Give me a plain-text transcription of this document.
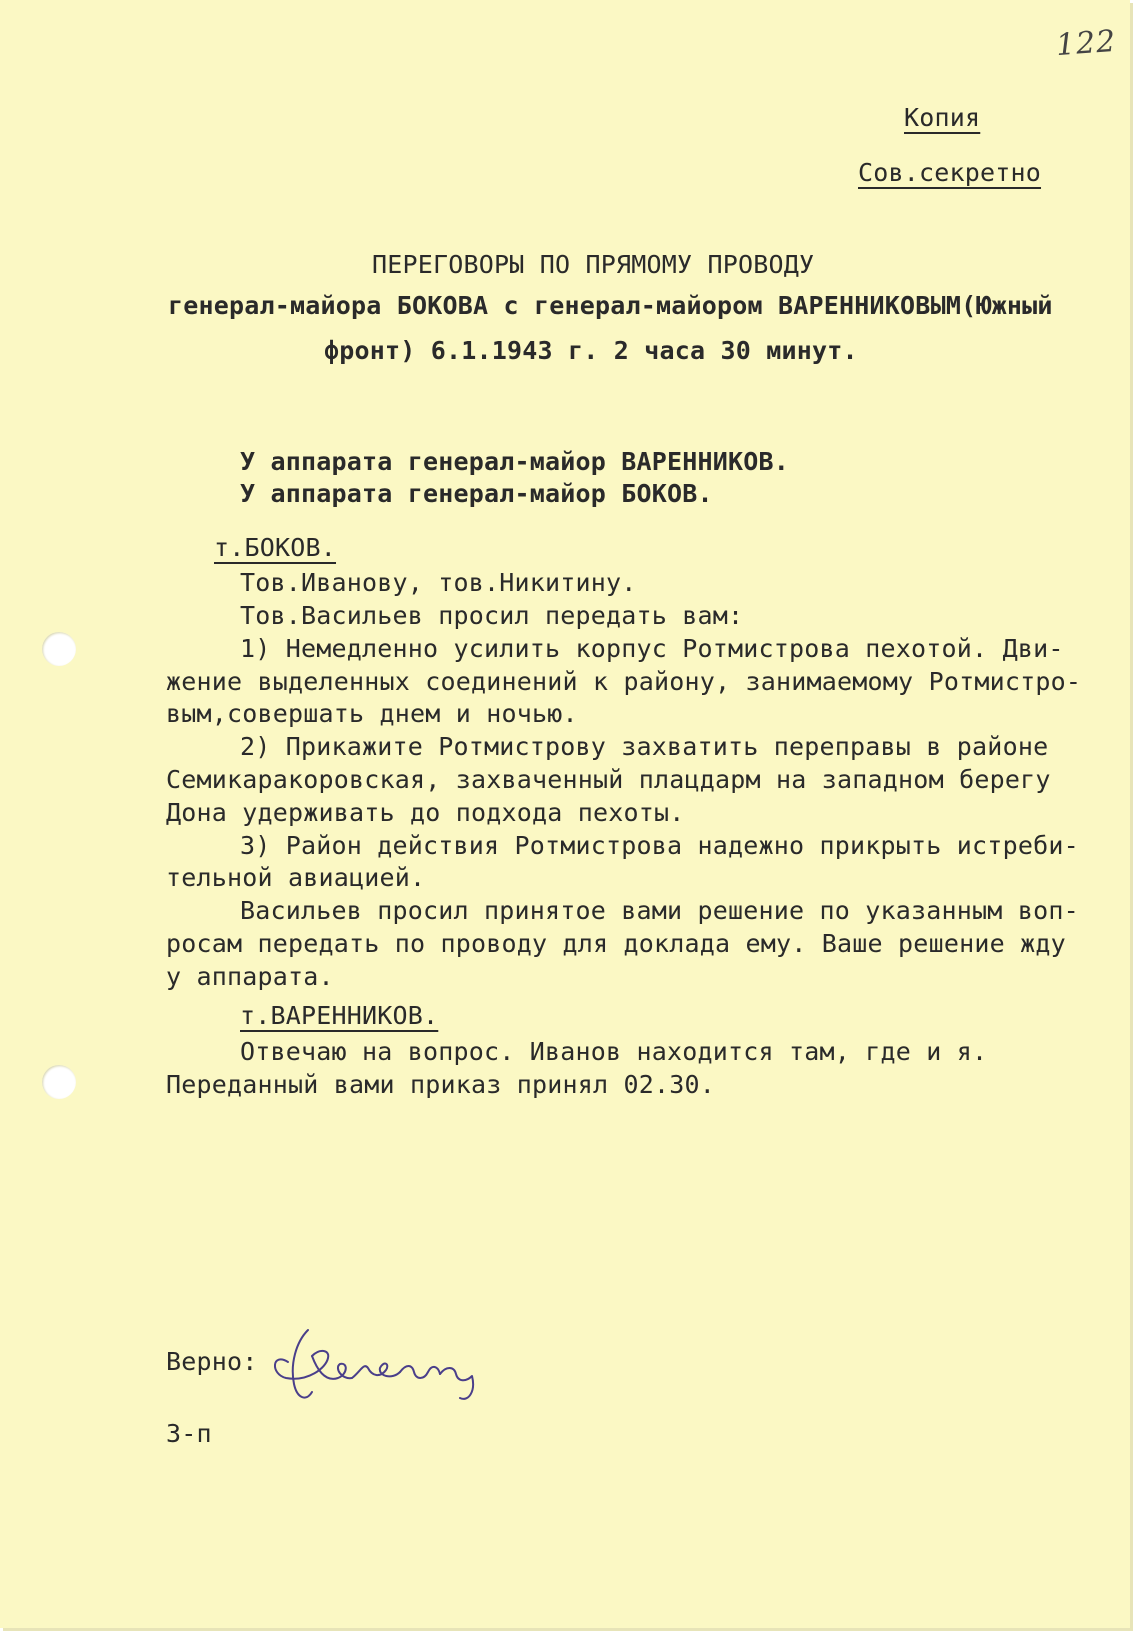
122
Копия
Сов.секретно
ПЕРЕГОВОРЫ ПО ПРЯМОМУ ПРОВОДУ
генерал-майора БОКОВА с генерал-майором ВАРЕННИКОВЫМ(Южный
фронт) 6.1.1943 г. 2 часа 30 минут.
У аппарата генерал-майор ВАРЕННИКОВ.
У аппарата генерал-майор БОКОВ.
т.БОКОВ.
Тов.Иванову, тов.Никитину.
Тов.Васильев просил передать вам:
1) Немедленно усилить корпус Ротмистрова пехотой. Дви-
жение выделенных соединений к району, занимаемому Ротмистро-
вым,совершать днем и ночью.
2) Прикажите Ротмистрову захватить переправы в районе
Семикаракоровская, захваченный плацдарм на западном берегу
Дона удерживать до подхода пехоты.
3) Район действия Ротмистрова надежно прикрыть истреби-
тельной авиацией.
Васильев просил принятое вами решение по указанным воп-
росам передать по проводу для доклада ему. Ваше решение жду
у аппарата.
т.ВАРЕННИКОВ.
Отвечаю на вопрос. Иванов находится там, где и я.
Переданный вами приказ принял 02.30.
Верно:
З-п
